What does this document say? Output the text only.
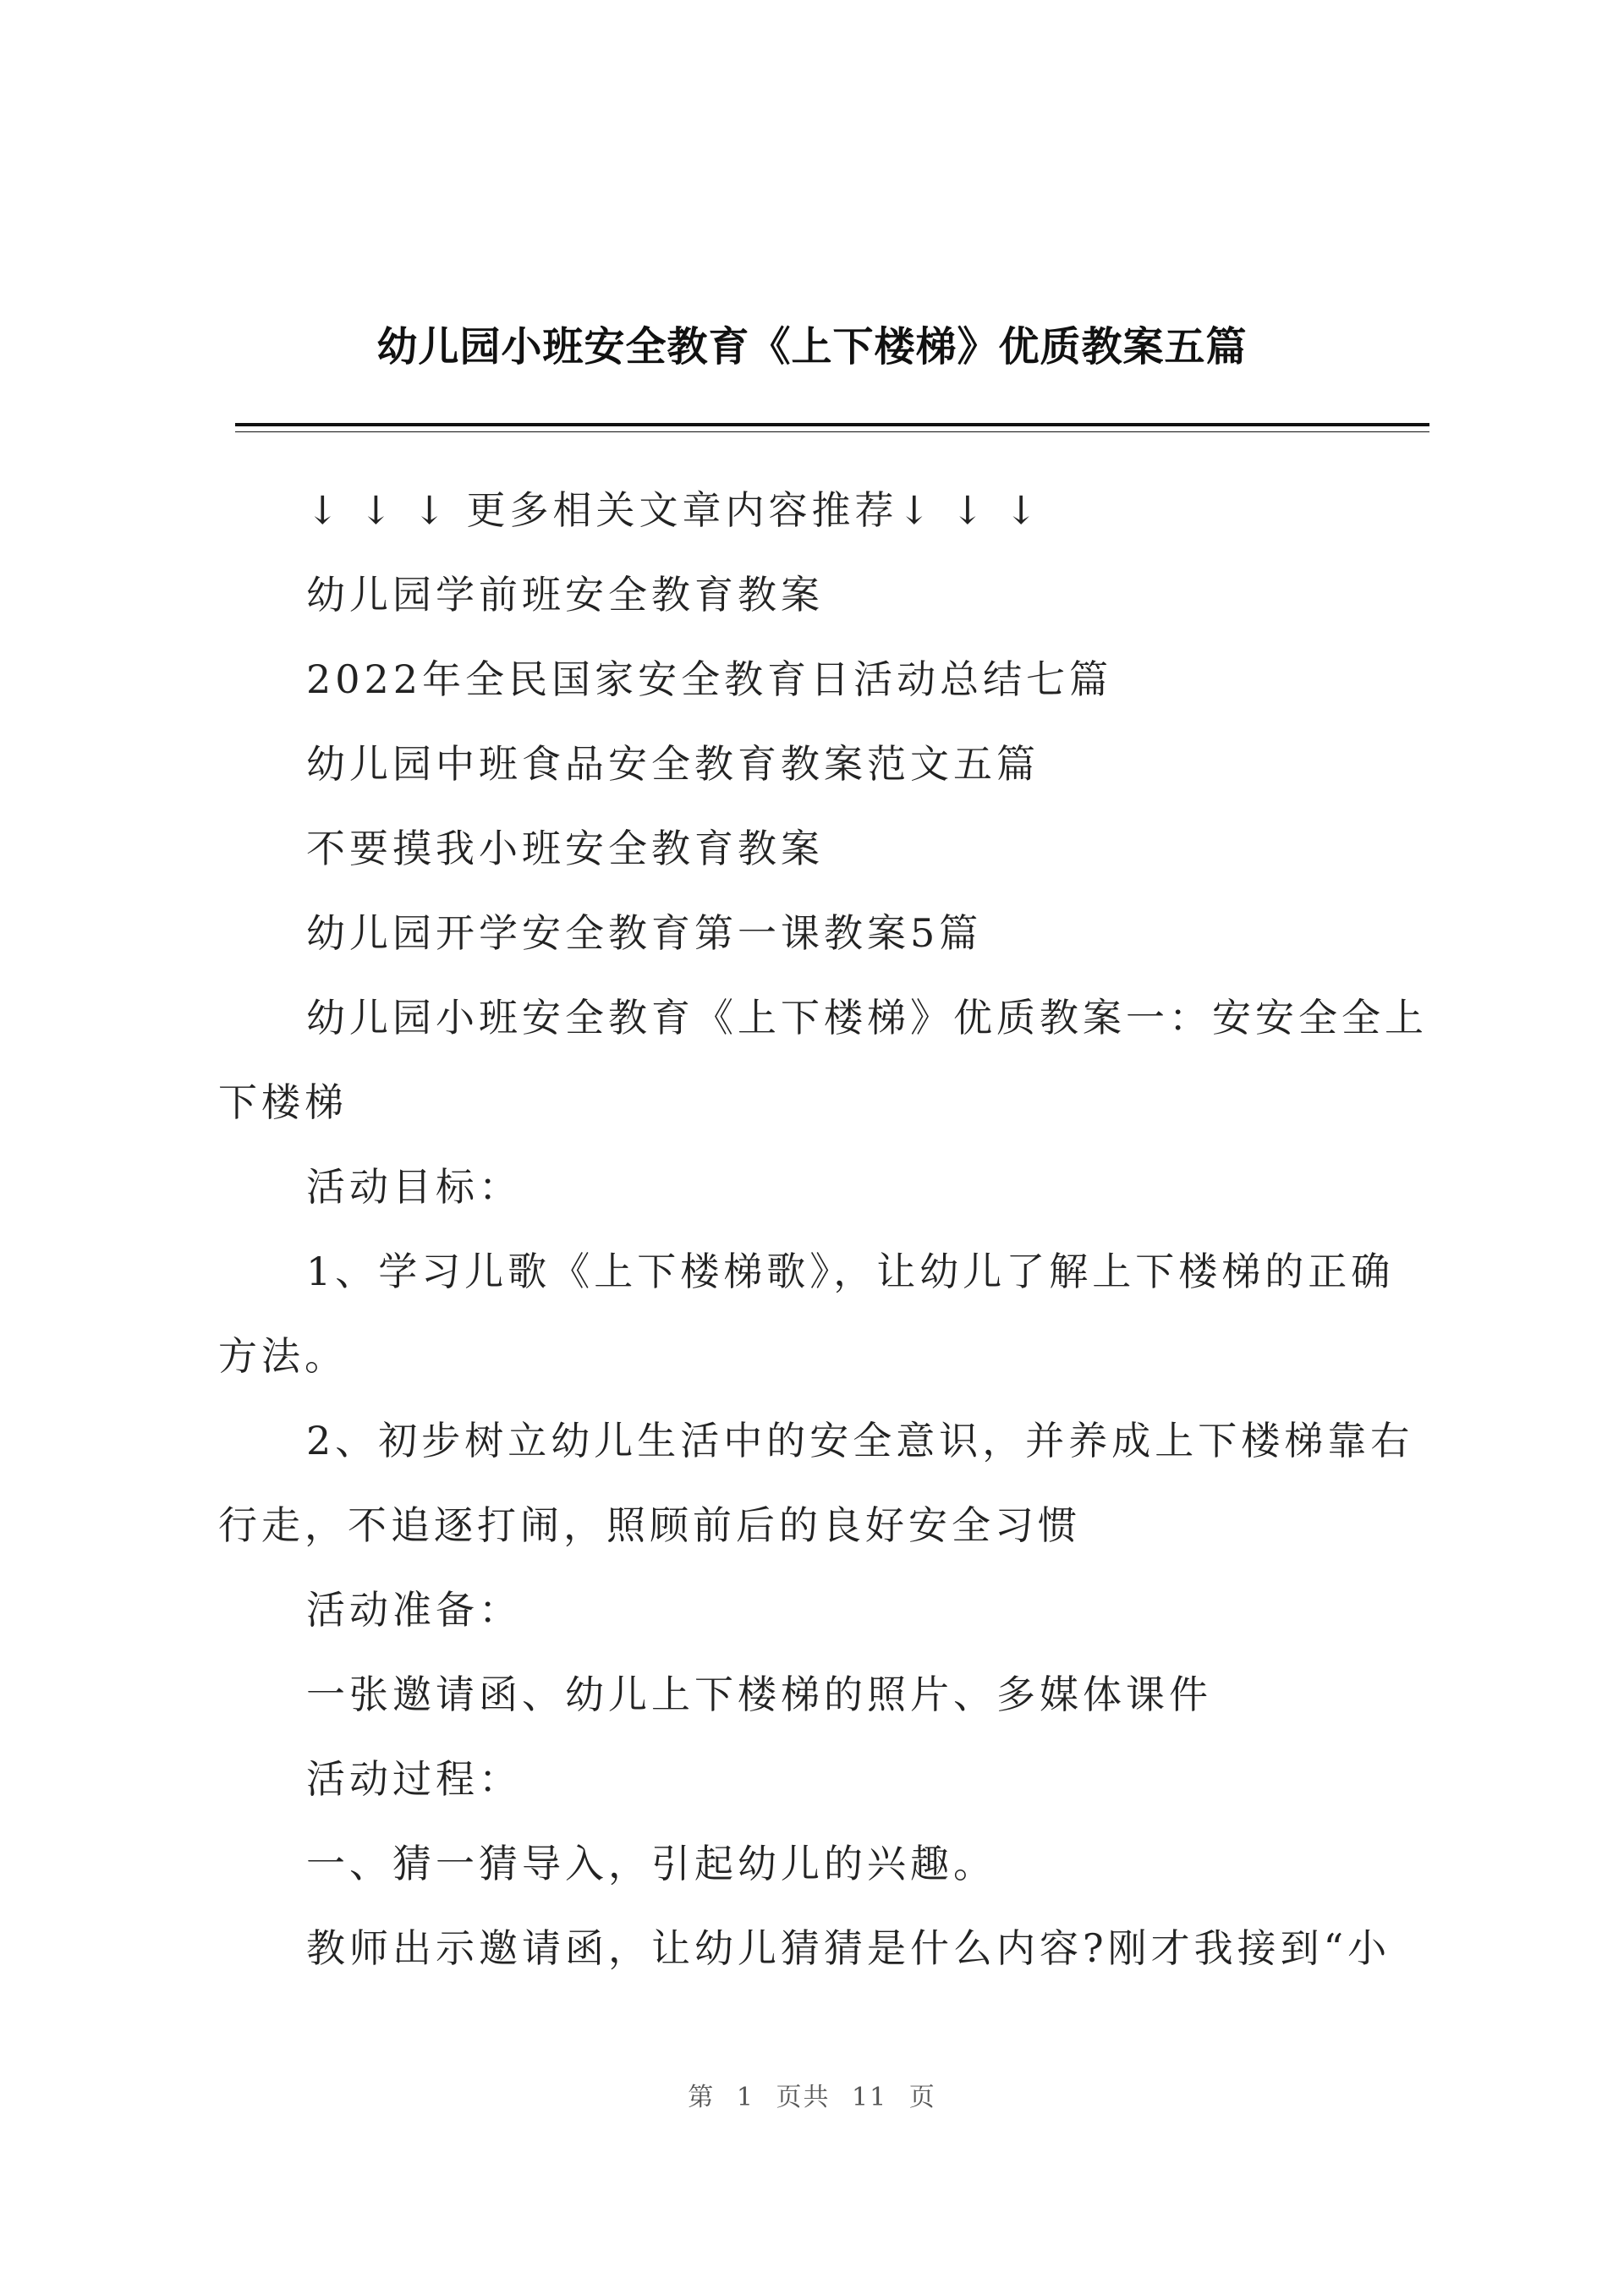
幼儿园小班安全教育《上下楼梯》优质教案五篇

↓ ↓ ↓ 更多相关文章内容推荐↓ ↓ ↓

幼儿园学前班安全教育教案

2022年全民国家安全教育日活动总结七篇

幼儿园中班食品安全教育教案范文五篇

不要摸我小班安全教育教案

幼儿园开学安全教育第一课教案5篇

幼儿园小班安全教育《上下楼梯》优质教案一：安安全全上下楼梯

活动目标：

1、学习儿歌《上下楼梯歌》，让幼儿了解上下楼梯的正确方法。

2、初步树立幼儿生活中的安全意识，并养成上下楼梯靠右行走，不追逐打闹，照顾前后的良好安全习惯

活动准备：

一张邀请函、幼儿上下楼梯的照片、多媒体课件

活动过程：

一、猜一猜导入，引起幼儿的兴趣。

教师出示邀请函，让幼儿猜猜是什么内容?刚才我接到“小

第 1 页共 11 页
